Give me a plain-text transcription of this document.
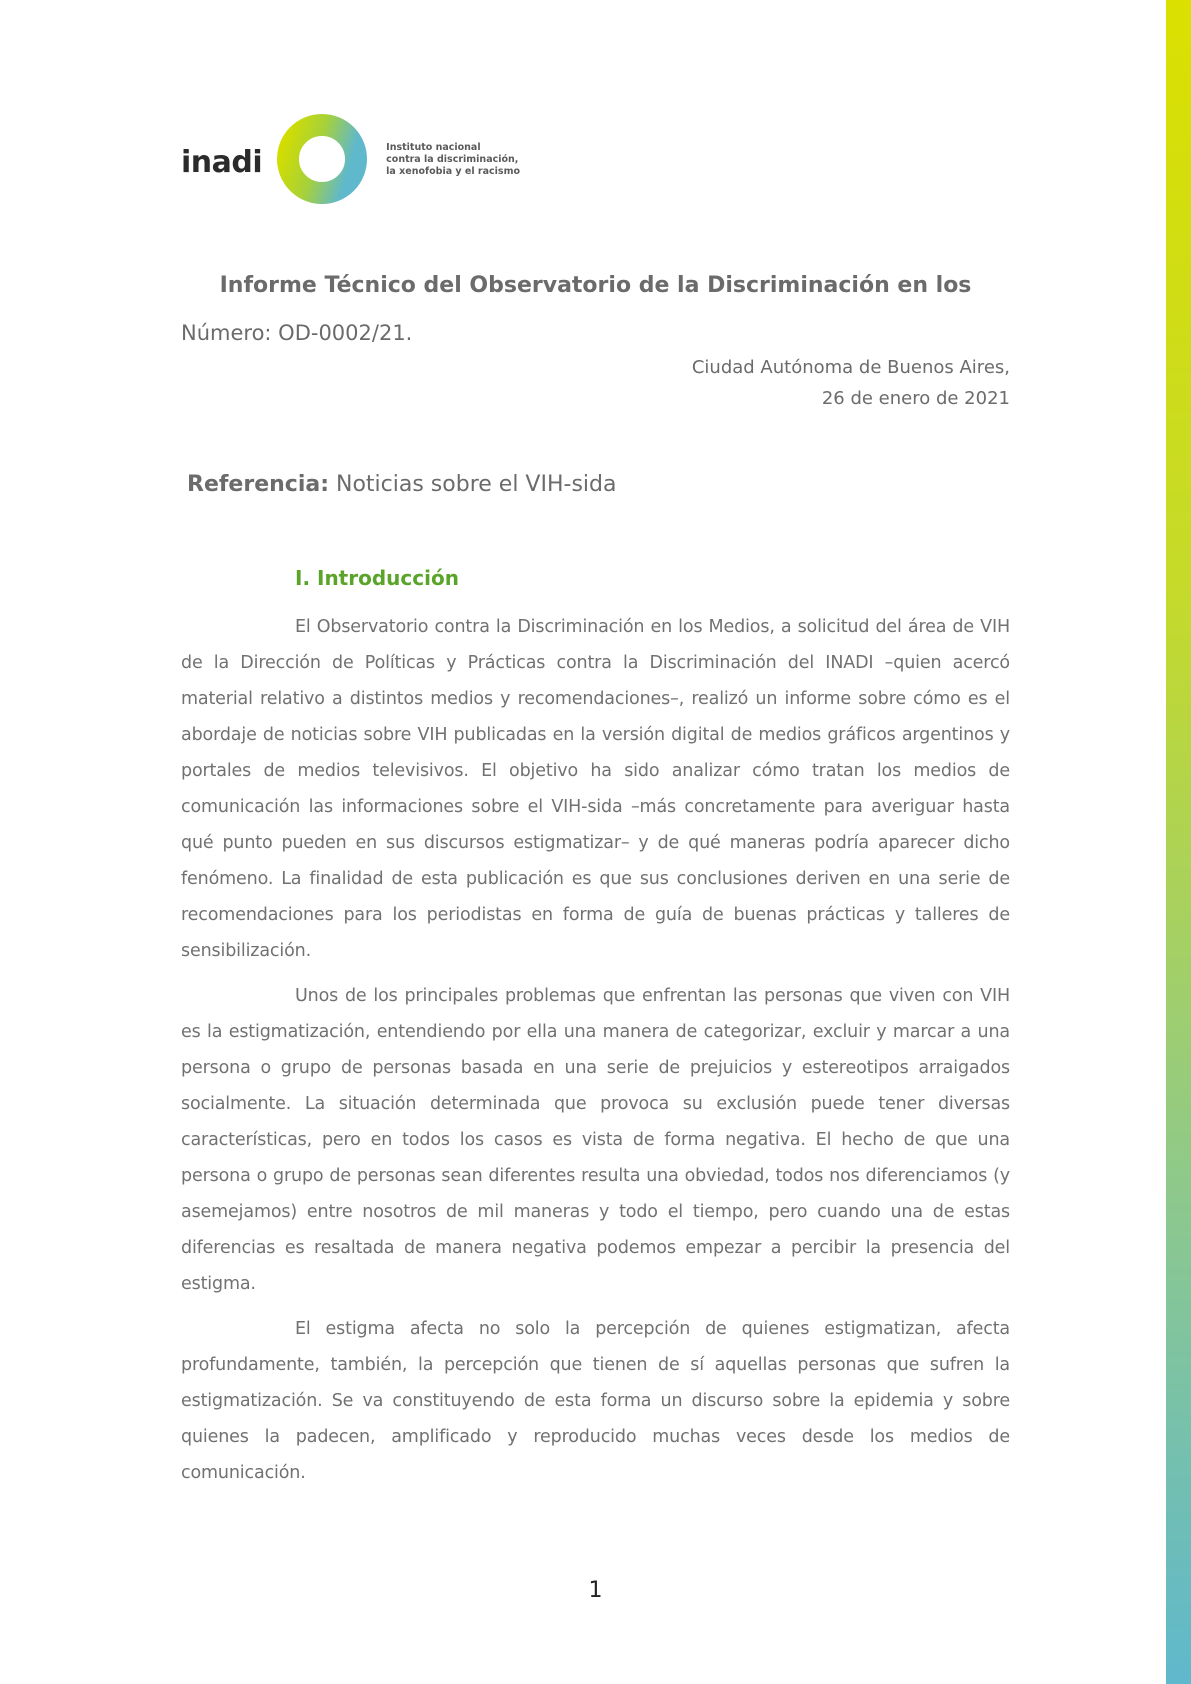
inadi	Instituto nacional
contra la discriminación,
la xenofobia y el racismo
Informe Técnico del Observatorio de la Discriminación en los
Número: OD-0002/21.
Ciudad Autónoma de Buenos Aires,
26 de enero de 2021
Referencia: Noticias sobre el VIH-sida
I. Introducción

El Observatorio contra la Discriminación en los Medios, a solicitud del área de VIH de la Dirección de Políticas y Prácticas contra la Discriminación del INADI –quien acercó material relativo a distintos medios y recomendaciones–, realizó un informe sobre cómo es el abordaje de noticias sobre VIH publicadas en la versión digital de medios gráficos argentinos y portales de medios televisivos. El objetivo ha sido analizar cómo tratan los medios de comunicación las informaciones sobre el VIH-sida –más concretamente para averiguar hasta qué punto pueden en sus discursos estigmatizar– y de qué maneras podría aparecer dicho fenómeno. La finalidad de esta publicación es que sus conclusiones deriven en una serie de recomendaciones para los periodistas en forma de guía de buenas prácticas y talleres de sensibilización.

Unos de los principales problemas que enfrentan las personas que viven con VIH es la estigmatización, entendiendo por ella una manera de categorizar, excluir y marcar a una persona o grupo de personas basada en una serie de prejuicios y estereotipos arraigados socialmente. La situación determinada que provoca su exclusión puede tener diversas características, pero en todos los casos es vista de forma negativa. El hecho de que una persona o grupo de personas sean diferentes resulta una obviedad, todos nos diferenciamos (y asemejamos) entre nosotros de mil maneras y todo el tiempo, pero cuando una de estas diferencias es resaltada de manera negativa podemos empezar a percibir la presencia del estigma.

El estigma afecta no solo la percepción de quienes estigmatizan, afecta profundamente, también, la percepción que tienen de sí aquellas personas que sufren la estigmatización. Se va constituyendo de esta forma un discurso sobre la epidemia y sobre quienes la padecen, amplificado y reproducido muchas veces desde los medios de comunicación.

1
